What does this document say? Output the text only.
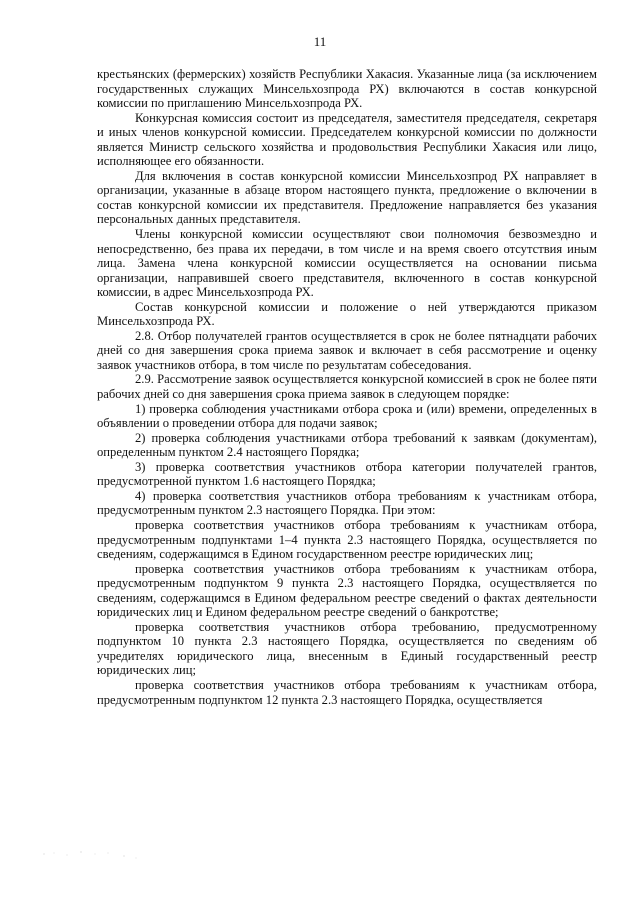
11

крестьянских (фермерских) хозяйств Республики Хакасия. Указанные лица (за исключением государственных служащих Минсельхозпрода РХ) включаются в состав конкурсной комиссии по приглашению Минсельхозпрода РХ.

Конкурсная комиссия состоит из председателя, заместителя председателя, секретаря и иных членов конкурсной комиссии. Председателем конкурсной комиссии по должности является Министр сельского хозяйства и продовольствия Республики Хакасия или лицо, исполняющее его обязанности.

Для включения в состав конкурсной комиссии Минсельхозпрод РХ направляет в организации, указанные в абзаце втором настоящего пункта, предложение о включении в состав конкурсной комиссии их представителя. Предложение направляется без указания персональных данных представителя.

Члены конкурсной комиссии осуществляют свои полномочия безвозмездно и непосредственно, без права их передачи, в том числе и на время своего отсутствия иным лица. Замена члена конкурсной комиссии осуществляется на основании письма организации, направившей своего представителя, включенного в состав конкурсной комиссии, в адрес Минсельхозпрода РХ.

Состав конкурсной комиссии и положение о ней утверждаются приказом Минсельхозпрода РХ.

2.8. Отбор получателей грантов осуществляется в срок не более пятнадцати рабочих дней со дня завершения срока приема заявок и включает в себя рассмотрение и оценку заявок участников отбора, в том числе по результатам собеседования.

2.9. Рассмотрение заявок осуществляется конкурсной комиссией в срок не более пяти рабочих дней со дня завершения срока приема заявок в следующем порядке:

1) проверка соблюдения участниками отбора срока и (или) времени, определенных в объявлении о проведении отбора для подачи заявок;

2) проверка соблюдения участниками отбора требований к заявкам (документам), определенным пунктом 2.4 настоящего Порядка;

3) проверка соответствия участников отбора категории получателей грантов, предусмотренной пунктом 1.6 настоящего Порядка;

4) проверка соответствия участников отбора требованиям к участникам отбора, предусмотренным пунктом 2.3 настоящего Порядка. При этом:

проверка соответствия участников отбора требованиям к участникам отбора, предусмотренным подпунктами 1–4 пункта 2.3 настоящего Порядка, осуществляется по сведениям, содержащимся в Едином государственном реестре юридических лиц;

проверка соответствия участников отбора требованиям к участникам отбора, предусмотренным подпунктом 9 пункта 2.3 настоящего Порядка, осуществляется по сведениям, содержащимся в Едином федеральном реестре сведений о фактах деятельности юридических лиц и Едином федеральном реестре сведений о банкротстве;

проверка соответствия участников отбора требованию, предусмотренному подпунктом 10 пункта 2.3 настоящего Порядка, осуществляется по сведениям об учредителях юридического лица, внесенным в Единый государственный реестр юридических лиц;

проверка соответствия участников отбора требованиям к участникам отбора, предусмотренным подпунктом 12 пункта 2.3 настоящего Порядка, осуществляется
